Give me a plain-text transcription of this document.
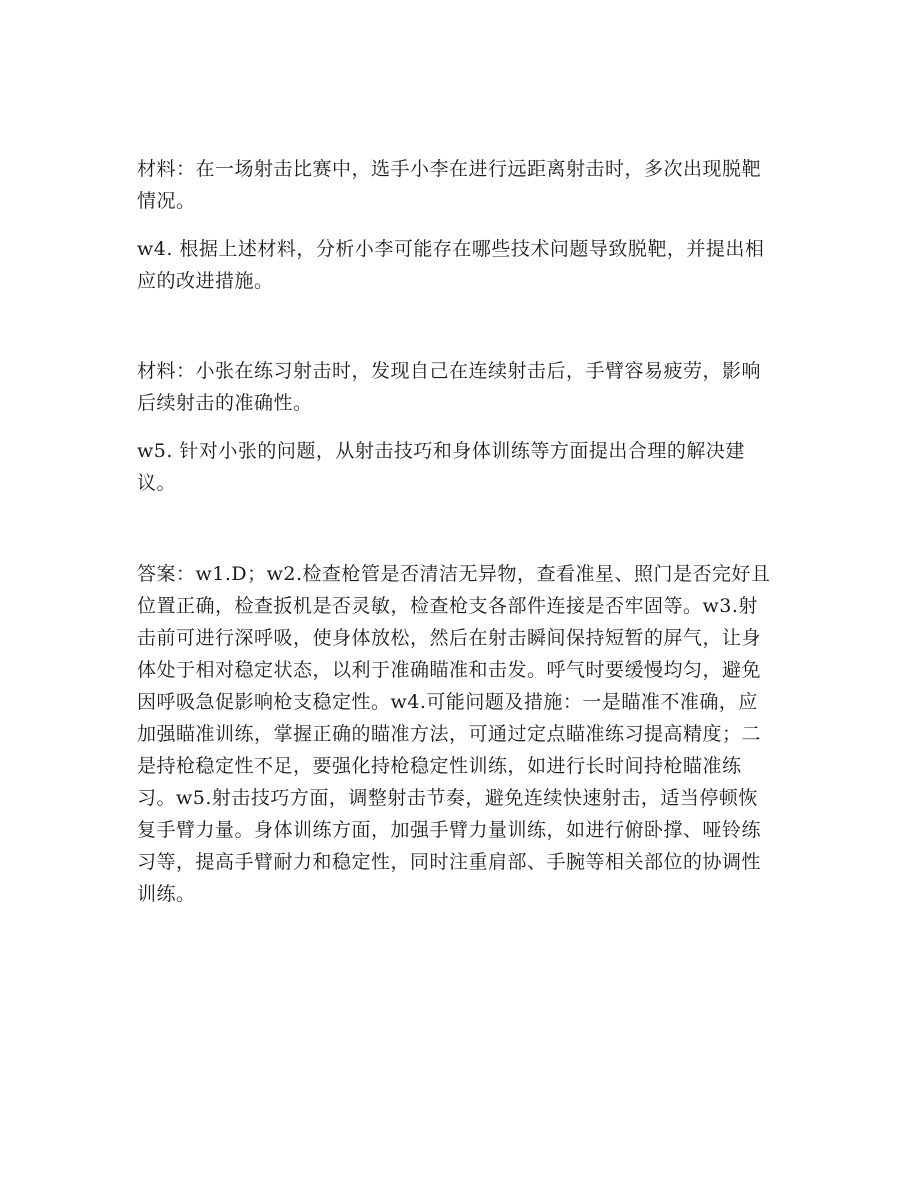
材料：在一场射击比赛中，选手小李在进行远距离射击时，多次出现脱靶情况。

w4. 根据上述材料，分析小李可能存在哪些技术问题导致脱靶，并提出相应的改进措施。

材料：小张在练习射击时，发现自己在连续射击后，手臂容易疲劳，影响后续射击的准确性。

w5. 针对小张的问题，从射击技巧和身体训练等方面提出合理的解决建议。

答案：w1.D；w2.检查枪管是否清洁无异物，查看准星、照门是否完好且位置正确，检查扳机是否灵敏，检查枪支各部件连接是否牢固等。w3.射击前可进行深呼吸，使身体放松，然后在射击瞬间保持短暂的屏气，让身体处于相对稳定状态，以利于准确瞄准和击发。呼气时要缓慢均匀，避免因呼吸急促影响枪支稳定性。w4.可能问题及措施：一是瞄准不准确，应加强瞄准训练，掌握正确的瞄准方法，可通过定点瞄准练习提高精度；二是持枪稳定性不足，要强化持枪稳定性训练，如进行长时间持枪瞄准练习。w5.射击技巧方面，调整射击节奏，避免连续快速射击，适当停顿恢复手臂力量。身体训练方面，加强手臂力量训练，如进行俯卧撑、哑铃练习等，提高手臂耐力和稳定性，同时注重肩部、手腕等相关部位的协调性训练。
